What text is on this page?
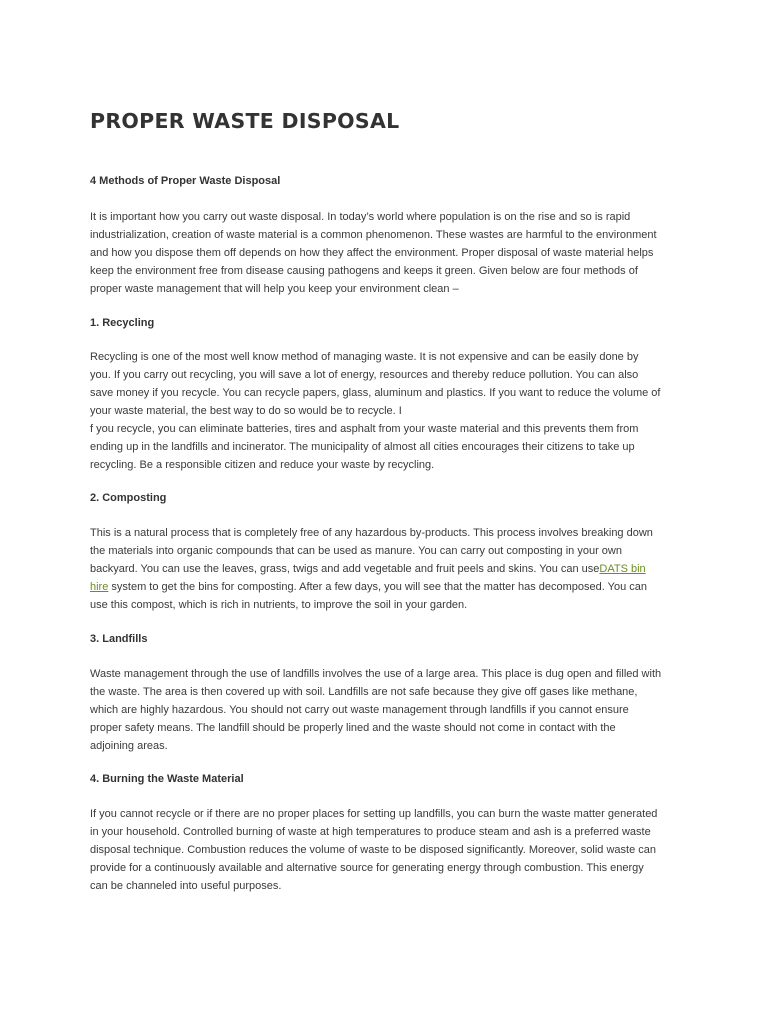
PROPER WASTE DISPOSAL

4 Methods of Proper Waste Disposal

It is important how you carry out waste disposal. In today’s world where population is on the rise and so is rapid
industrialization, creation of waste material is a common phenomenon. These wastes are harmful to the environment
and how you dispose them off depends on how they affect the environment. Proper disposal of waste material helps
keep the environment free from disease causing pathogens and keeps it green. Given below are four methods of
proper waste management that will help you keep your environment clean –

1. Recycling

Recycling is one of the most well know method of managing waste. It is not expensive and can be easily done by
you. If you carry out recycling, you will save a lot of energy, resources and thereby reduce pollution. You can also
save money if you recycle. You can recycle papers, glass, aluminum and plastics. If you want to reduce the volume of
your waste material, the best way to do so would be to recycle. I
f you recycle, you can eliminate batteries, tires and asphalt from your waste material and this prevents them from
ending up in the landfills and incinerator. The municipality of almost all cities encourages their citizens to take up
recycling. Be a responsible citizen and reduce your waste by recycling.

2. Composting

This is a natural process that is completely free of any hazardous by-products. This process involves breaking down
the materials into organic compounds that can be used as manure. You can carry out composting in your own
backyard. You can use the leaves, grass, twigs and add vegetable and fruit peels and skins. You can useDATS bin
hire system to get the bins for composting. After a few days, you will see that the matter has decomposed. You can
use this compost, which is rich in nutrients, to improve the soil in your garden.

3. Landfills

Waste management through the use of landfills involves the use of a large area. This place is dug open and filled with
the waste. The area is then covered up with soil. Landfills are not safe because they give off gases like methane,
which are highly hazardous. You should not carry out waste management through landfills if you cannot ensure
proper safety means. The landfill should be properly lined and the waste should not come in contact with the
adjoining areas.

4. Burning the Waste Material

If you cannot recycle or if there are no proper places for setting up landfills, you can burn the waste matter generated
in your household. Controlled burning of waste at high temperatures to produce steam and ash is a preferred waste
disposal technique. Combustion reduces the volume of waste to be disposed significantly. Moreover, solid waste can
provide for a continuously available and alternative source for generating energy through combustion. This energy
can be channeled into useful purposes.
